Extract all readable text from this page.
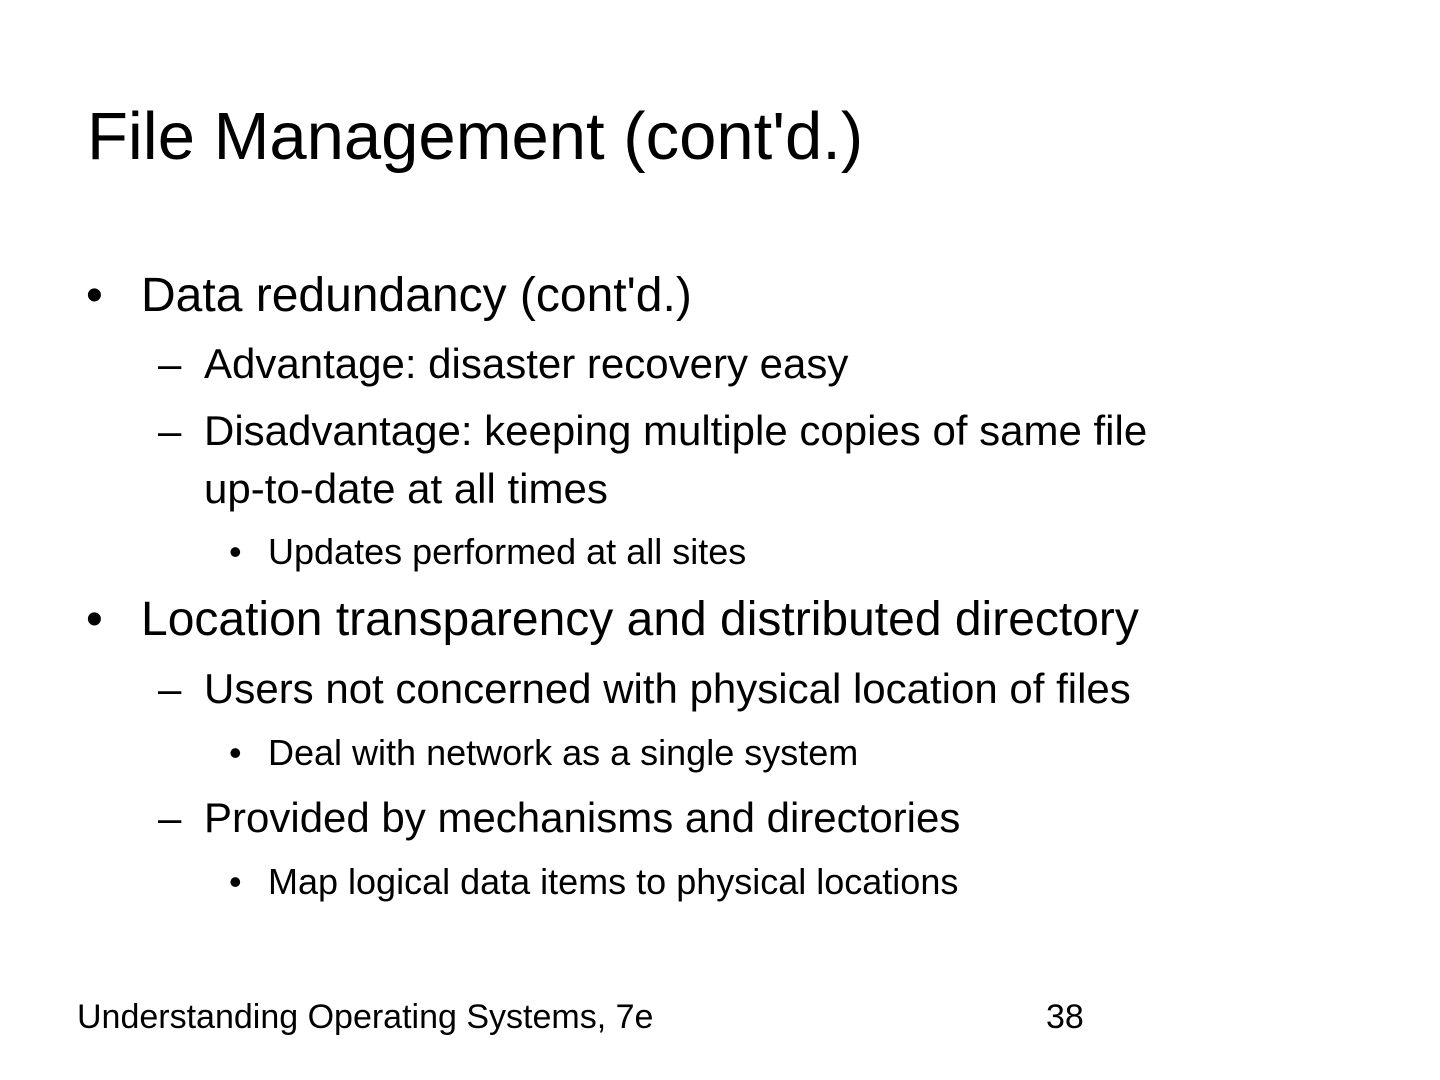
File Management (cont'd.)
• Data redundancy (cont'd.)
– Advantage: disaster recovery easy
– Disadvantage: keeping multiple copies of same file
up-to-date at all times
• Updates performed at all sites
• Location transparency and distributed directory
– Users not concerned with physical location of files
• Deal with network as a single system
– Provided by mechanisms and directories
• Map logical data items to physical locations
Understanding Operating Systems, 7e	38
